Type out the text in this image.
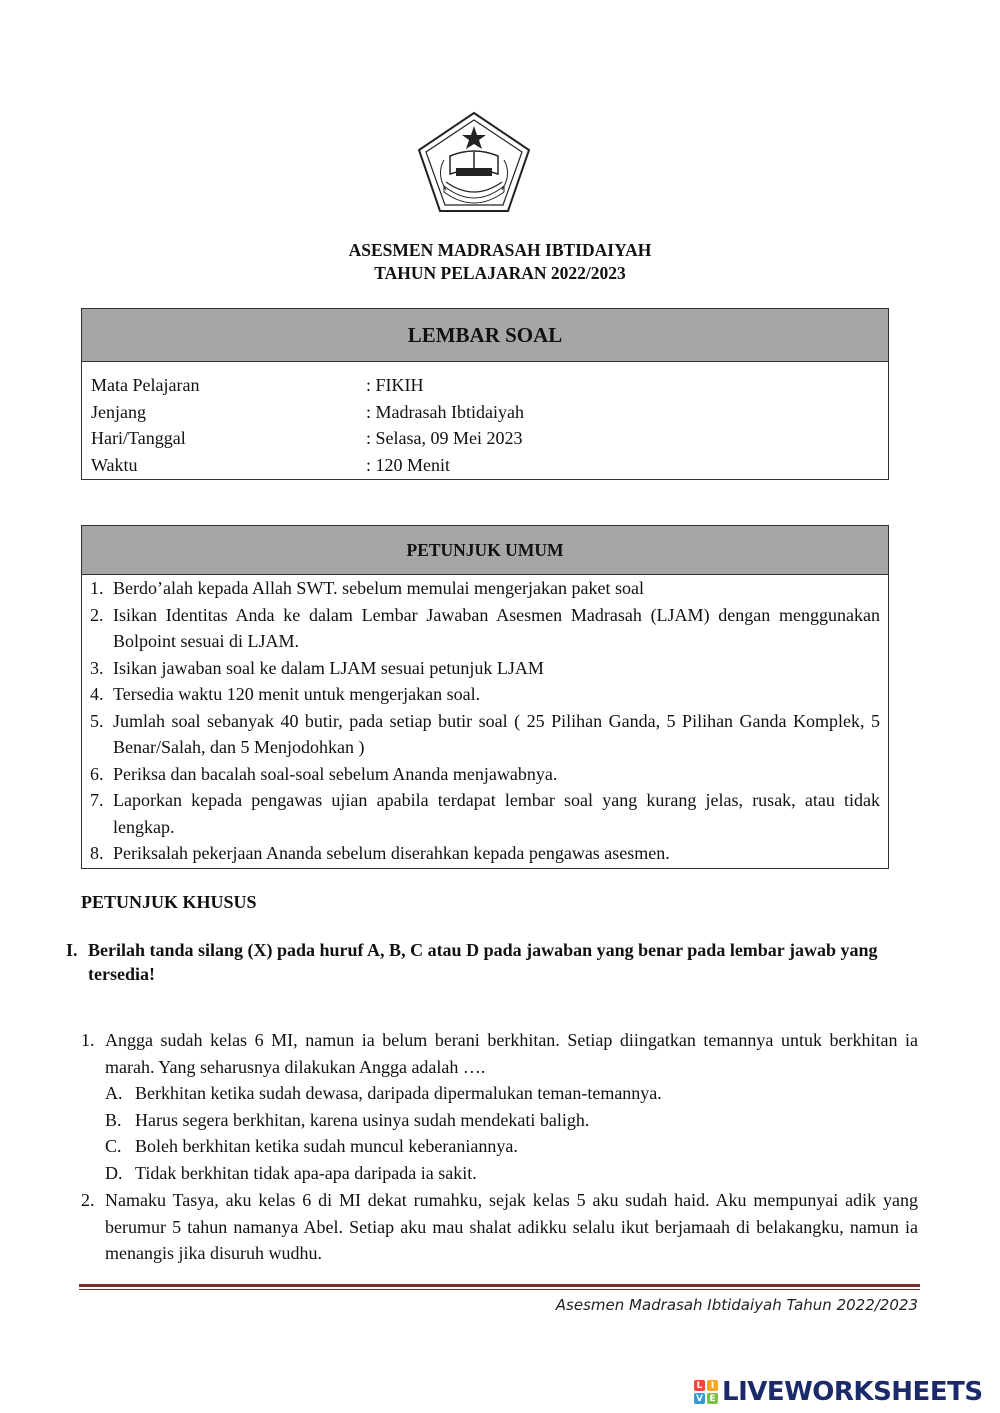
ASESMEN MADRASAH IBTIDAIYAH
TAHUN PELAJARAN 2022/2023
LEMBAR SOAL
Mata Pelajaran	: FIKIH
Jenjang	: Madrasah Ibtidaiyah
Hari/Tanggal	: Selasa, 09 Mei 2023
Waktu	: 120 Menit
PETUNJUK UMUM
1. Berdo’alah kepada Allah SWT. sebelum memulai mengerjakan paket soal
2. Isikan Identitas Anda ke dalam Lembar Jawaban Asesmen Madrasah (LJAM) dengan menggunakan Bolpoint sesuai di LJAM.
3. Isikan jawaban soal ke dalam LJAM sesuai petunjuk LJAM
4. Tersedia waktu 120 menit untuk mengerjakan soal.
5. Jumlah soal sebanyak 40 butir, pada setiap butir soal ( 25 Pilihan Ganda, 5 Pilihan Ganda Komplek, 5 Benar/Salah, dan 5 Menjodohkan )
6. Periksa dan bacalah soal-soal sebelum Ananda menjawabnya.
7. Laporkan kepada pengawas ujian apabila terdapat lembar soal yang kurang jelas, rusak, atau tidak lengkap.
8. Periksalah pekerjaan Ananda sebelum diserahkan kepada pengawas asesmen.
PETUNJUK KHUSUS
I. Berilah tanda silang (X) pada huruf A, B, C atau D pada jawaban yang benar pada lembar jawab yang tersedia!
1. Angga sudah kelas 6 MI, namun ia belum berani berkhitan. Setiap diingatkan temannya untuk berkhitan ia marah. Yang seharusnya dilakukan Angga adalah ….
A. Berkhitan ketika sudah dewasa, daripada dipermalukan teman-temannya.
B. Harus segera berkhitan, karena usinya sudah mendekati baligh.
C. Boleh berkhitan ketika sudah muncul keberaniannya.
D. Tidak berkhitan tidak apa-apa daripada ia sakit.
2. Namaku Tasya, aku kelas 6 di MI dekat rumahku, sejak kelas 5 aku sudah haid. Aku mempunyai adik yang berumur 5 tahun namanya Abel. Setiap aku mau shalat adikku selalu ikut berjamaah di belakangku, namun ia menangis jika disuruh wudhu.
Asesmen Madrasah Ibtidaiyah Tahun 2022/2023
L I
V E LIVEWORKSHEETS
